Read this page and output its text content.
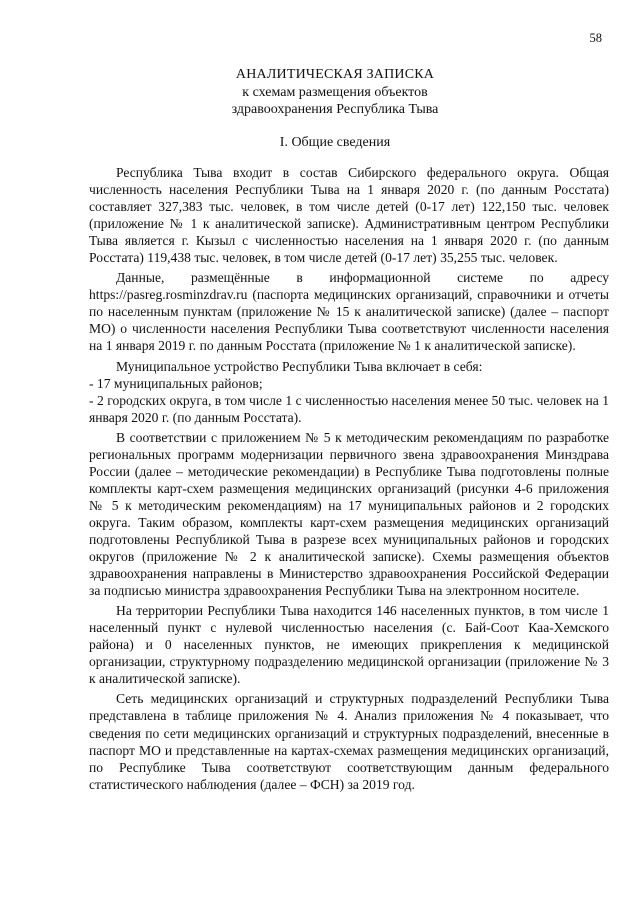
58
АНАЛИТИЧЕСКАЯ ЗАПИСКА
к схемам размещения объектов
здравоохранения Республика Тыва
I. Общие сведения

Республика Тыва входит в состав Сибирского федерального округа. Общая численность населения Республики Тыва на 1 января 2020 г. (по данным Росстата) составляет 327,383 тыс. человек, в том числе детей (0-17 лет) 122,150 тыс. человек (приложение № 1 к аналитической записке). Административным центром Республики Тыва является г. Кызыл с численностью населения на 1 января 2020 г. (по данным Росстата) 119,438 тыс. человек, в том числе детей (0-17 лет) 35,255 тыс. человек.

Данные, размещённые в информационной системе по адресу https://pasreg.rosminzdrav.ru (паспорта медицинских организаций, справочники и отчеты по населенным пунктам (приложение № 15 к аналитической записке) (далее – паспорт МО) о численности населения Республики Тыва соответствуют численности населения на 1 января 2019 г. по данным Росстата (приложение № 1 к аналитической записке).

Муниципальное устройство Республики Тыва включает в себя:

- 17 муниципальных районов;

- 2 городских округа, в том числе 1 с численностью населения менее 50 тыс. человек на 1 января 2020 г. (по данным Росстата).

В соответствии с приложением № 5 к методическим рекомендациям по разработке региональных программ модернизации первичного звена здравоохранения Минздрава России (далее – методические рекомендации) в Республике Тыва подготовлены полные комплекты карт-схем размещения медицинских организаций (рисунки 4-6 приложения № 5 к методическим рекомендациям) на 17 муниципальных районов и 2 городских округа. Таким образом, комплекты карт-схем размещения медицинских организаций подготовлены Республикой Тыва в разрезе всех муниципальных районов и городских округов (приложение № 2 к аналитической записке). Схемы размещения объектов здравоохранения направлены в Министерство здравоохранения Российской Федерации за подписью министра здравоохранения Республики Тыва на электронном носителе.

На территории Республики Тыва находится 146 населенных пунктов, в том числе 1 населенный пункт с нулевой численностью населения (с. Бай-Соот Каа-Хемского района) и 0 населенных пунктов, не имеющих прикрепления к медицинской организации, структурному подразделению медицинской организации (приложение № 3 к аналитической записке).

Сеть медицинских организаций и структурных подразделений Республики Тыва представлена в таблице приложения № 4. Анализ приложения № 4 показывает, что сведения по сети медицинских организаций и структурных подразделений, внесенные в паспорт МО и представленные на картах-схемах размещения медицинских организаций, по Республике Тыва соответствуют соответствующим данным федерального статистического наблюдения (далее – ФСН) за 2019 год.
